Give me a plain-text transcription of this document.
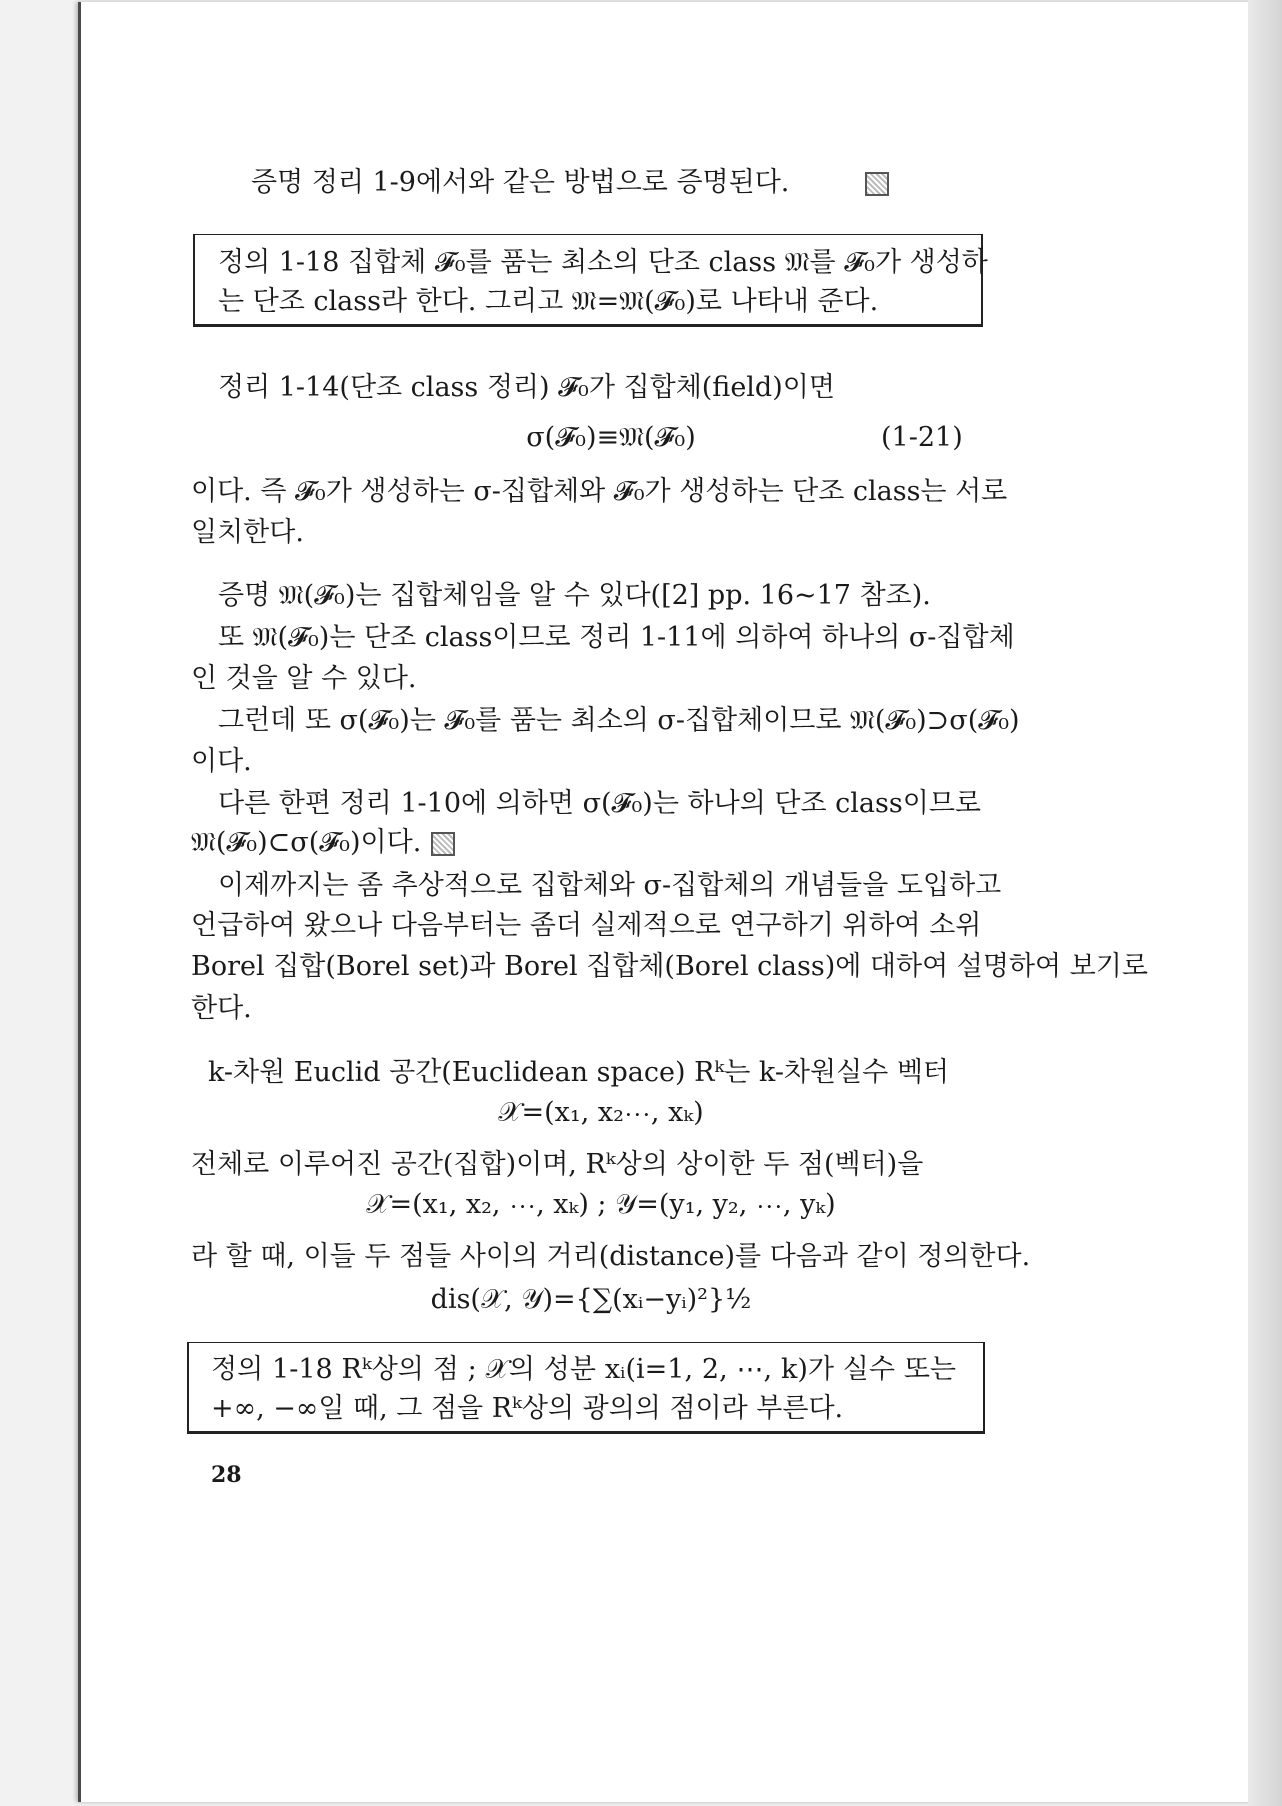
증명 정리 1-9에서와 같은 방법으로 증명된다.
정의 1-18 집합체 𝓕₀를 품는 최소의 단조 class 𝔐를 𝓕₀가 생성하
는 단조 class라 한다. 그리고 𝔐=𝔐(𝓕₀)로 나타내 준다.
정리 1-14(단조 class 정리) 𝓕₀가 집합체(field)이면
σ(𝓕₀)≡𝔐(𝓕₀)	(1-21)
이다. 즉 𝓕₀가 생성하는 σ-집합체와 𝓕₀가 생성하는 단조 class는 서로
일치한다.
증명 𝔐(𝓕₀)는 집합체임을 알 수 있다([2] pp. 16~17 참조).
또 𝔐(𝓕₀)는 단조 class이므로 정리 1-11에 의하여 하나의 σ-집합체
인 것을 알 수 있다.
그런데 또 σ(𝓕₀)는 𝓕₀를 품는 최소의 σ-집합체이므로 𝔐(𝓕₀)⊃σ(𝓕₀)
이다.
다른 한편 정리 1-10에 의하면 σ(𝓕₀)는 하나의 단조 class이므로
𝔐(𝓕₀)⊂σ(𝓕₀)이다.
이제까지는 좀 추상적으로 집합체와 σ-집합체의 개념들을 도입하고
언급하여 왔으나 다음부터는 좀더 실제적으로 연구하기 위하여 소위
Borel 집합(Borel set)과 Borel 집합체(Borel class)에 대하여 설명하여 보기로
한다.
k-차원 Euclid 공간(Euclidean space) Rᵏ는 k-차원실수 벡터
𝒳=(x₁, x₂⋯, xₖ)
전체로 이루어진 공간(집합)이며, Rᵏ상의 상이한 두 점(벡터)을
𝒳=(x₁, x₂, ⋯, xₖ) ; 𝒴=(y₁, y₂, ⋯, yₖ)
라 할 때, 이들 두 점들 사이의 거리(distance)를 다음과 같이 정의한다.
dis(𝒳, 𝒴)={∑(xᵢ−yᵢ)²}½
정의 1-18 Rᵏ상의 점 ; 𝒳의 성분 xᵢ(i=1, 2, ⋯, k)가 실수 또는
+∞, −∞일 때, 그 점을 Rᵏ상의 광의의 점이라 부른다.
28
